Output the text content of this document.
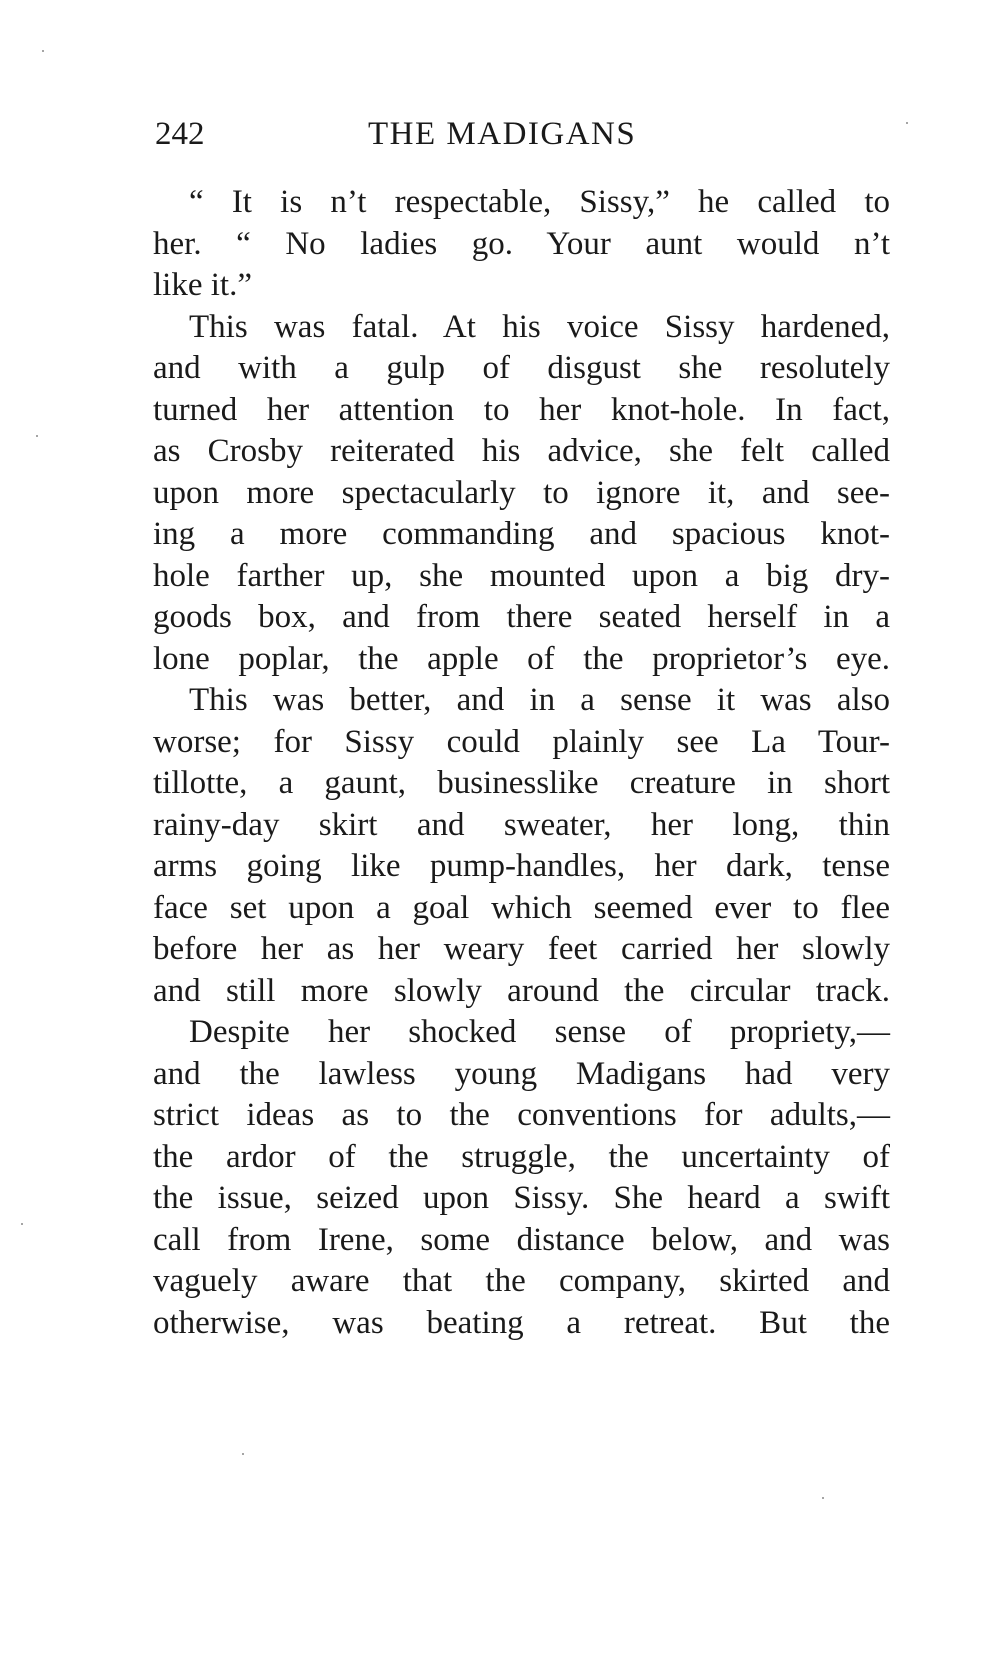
242	THE MADIGANS
“ It is n’t respectable, Sissy,” he called to
her. “ No ladies go. Your aunt would n’t
like it.”
This was fatal. At his voice Sissy hardened,
and with a gulp of disgust she resolutely
turned her attention to her knot-hole. In fact,
as Crosby reiterated his advice, she felt called
upon more spectacularly to ignore it, and see-
ing a more commanding and spacious knot-
hole farther up, she mounted upon a big dry-
goods box, and from there seated herself in a
lone poplar, the apple of the proprietor’s eye.
This was better, and in a sense it was also
worse; for Sissy could plainly see La Tour-
tillotte, a gaunt, businesslike creature in short
rainy-day skirt and sweater, her long, thin
arms going like pump-handles, her dark, tense
face set upon a goal which seemed ever to flee
before her as her weary feet carried her slowly
and still more slowly around the circular track.
Despite her shocked sense of propriety,—
and the lawless young Madigans had very
strict ideas as to the conventions for adults,—
the ardor of the struggle, the uncertainty of
the issue, seized upon Sissy. She heard a swift
call from Irene, some distance below, and was
vaguely aware that the company, skirted and
otherwise, was beating a retreat. But the
